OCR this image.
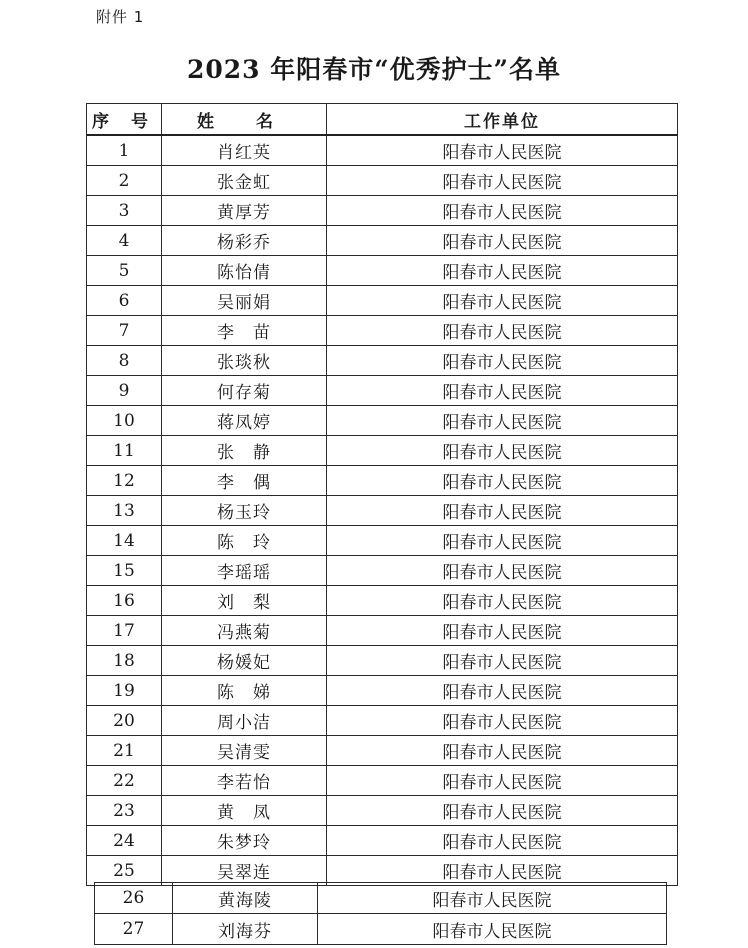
附件 1
2023 年阳春市“优秀护士”名单
序 号	姓 名	工作单位
1	肖红英	阳春市人民医院
2	张金虹	阳春市人民医院
3	黄厚芳	阳春市人民医院
4	杨彩乔	阳春市人民医院
5	陈怡倩	阳春市人民医院
6	吴丽娟	阳春市人民医院
7	李　苗	阳春市人民医院
8	张琰秋	阳春市人民医院
9	何存菊	阳春市人民医院
10	蒋凤婷	阳春市人民医院
11	张　静	阳春市人民医院
12	李　偶	阳春市人民医院
13	杨玉玲	阳春市人民医院
14	陈　玲	阳春市人民医院
15	李瑶瑶	阳春市人民医院
16	刘　梨	阳春市人民医院
17	冯燕菊	阳春市人民医院
18	杨媛妃	阳春市人民医院
19	陈　娣	阳春市人民医院
20	周小洁	阳春市人民医院
21	吴清雯	阳春市人民医院
22	李若怡	阳春市人民医院
23	黄　凤	阳春市人民医院
24	朱梦玲	阳春市人民医院
25	吴翠连	阳春市人民医院
26	黄海陵	阳春市人民医院
27	刘海芬	阳春市人民医院
